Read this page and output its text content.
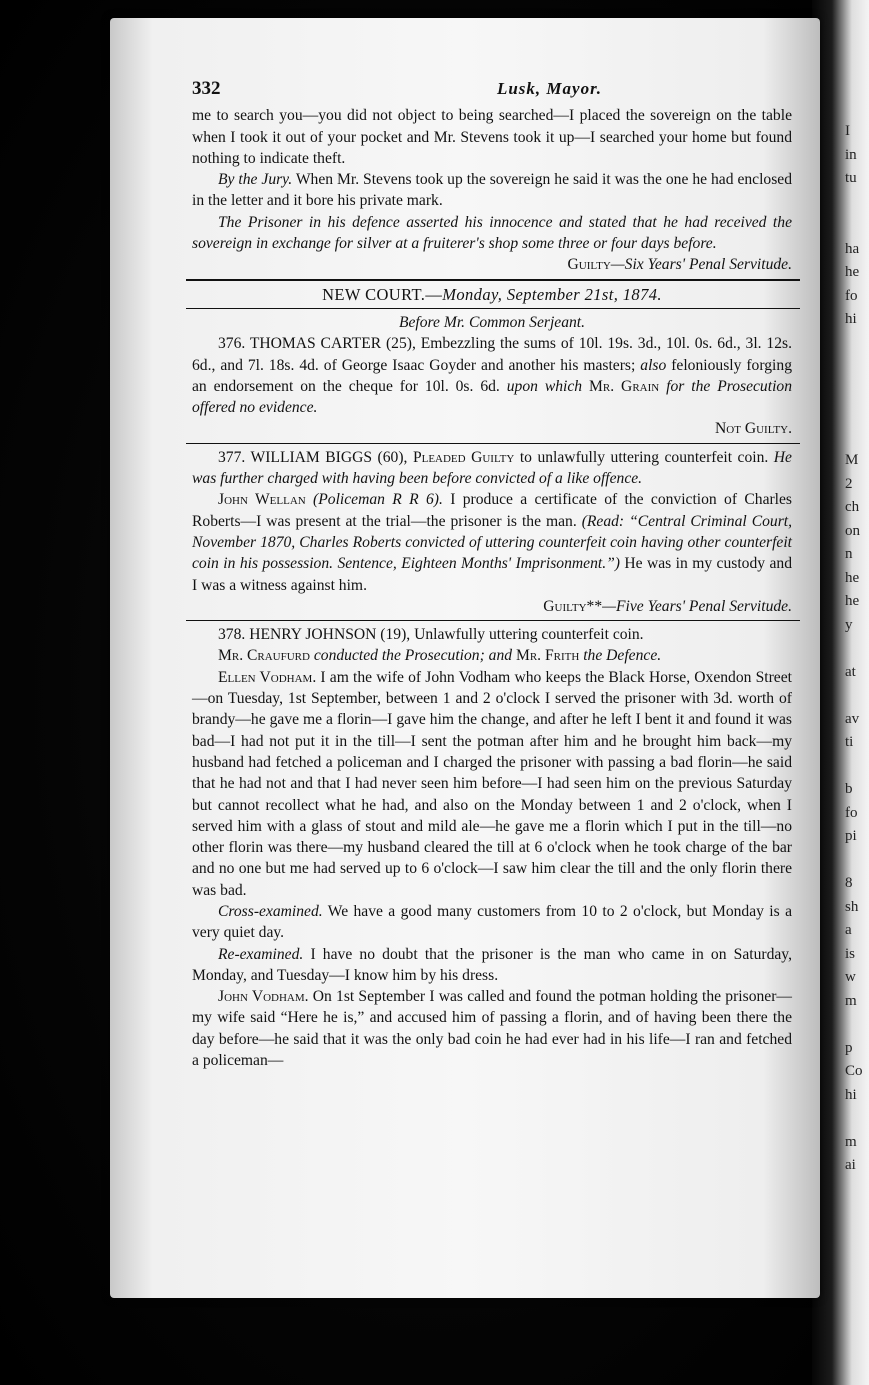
332	Lusk, Mayor.

me to search you—you did not object to being searched—I placed the sovereign on the table when I took it out of your pocket and Mr. Stevens took it up—I searched your home but found nothing to indicate theft.

By the Jury. When Mr. Stevens took up the sovereign he said it was the one he had enclosed in the letter and it bore his private mark.

The Prisoner in his defence asserted his innocence and stated that he had received the sovereign in exchange for silver at a fruiterer's shop some three or four days before.

Guilty—Six Years' Penal Servitude.

NEW COURT.—Monday, September 21st, 1874.

Before Mr. Common Serjeant.

376. THOMAS CARTER (25), Embezzling the sums of 10l. 19s. 3d., 10l. 0s. 6d., 3l. 12s. 6d., and 7l. 18s. 4d. of George Isaac Goyder and another his masters; also feloniously forging an endorsement on the cheque for 10l. 0s. 6d. upon which Mr. Grain for the Prosecution offered no evidence.

Not Guilty.

377. WILLIAM BIGGS (60), Pleaded Guilty to unlawfully uttering counterfeit coin. He was further charged with having been before convicted of a like offence.

John Wellan (Policeman R R 6). I produce a certificate of the conviction of Charles Roberts—I was present at the trial—the prisoner is the man. (Read: “Central Criminal Court, November 1870, Charles Roberts convicted of uttering counterfeit coin having other counterfeit coin in his possession. Sentence, Eighteen Months' Imprisonment.”) He was in my custody and I was a witness against him.

Guilty**—Five Years' Penal Servitude.

378. HENRY JOHNSON (19), Unlawfully uttering counterfeit coin.

Mr. Craufurd conducted the Prosecution; and Mr. Frith the Defence.

Ellen Vodham. I am the wife of John Vodham who keeps the Black Horse, Oxendon Street—on Tuesday, 1st September, between 1 and 2 o'clock I served the prisoner with 3d. worth of brandy—he gave me a florin—I gave him the change, and after he left I bent it and found it was bad—I had not put it in the till—I sent the potman after him and he brought him back—my husband had fetched a policeman and I charged the prisoner with passing a bad florin—he said that he had not and that I had never seen him before—I had seen him on the previous Saturday but cannot recollect what he had, and also on the Monday between 1 and 2 o'clock, when I served him with a glass of stout and mild ale—he gave me a florin which I put in the till—no other florin was there—my husband cleared the till at 6 o'clock when he took charge of the bar and no one but me had served up to 6 o'clock—I saw him clear the till and the only florin there was bad.

Cross-examined. We have a good many customers from 10 to 2 o'clock, but Monday is a very quiet day.

Re-examined. I have no doubt that the prisoner is the man who came in on Saturday, Monday, and Tuesday—I know him by his dress.

John Vodham. On 1st September I was called and found the potman holding the prisoner—my wife said “Here he is,” and accused him of passing a florin, and of having been there the day before—he said that it was the only bad coin he had ever had in his life—I ran and fetched a policeman—

I
in
tu
ha
he
fo
hi
M
2
ch
on
n
he
he
y
at
av
ti
b
fo
pi
8
sh
a
is
w
m
p
Co
hi
m
ai
